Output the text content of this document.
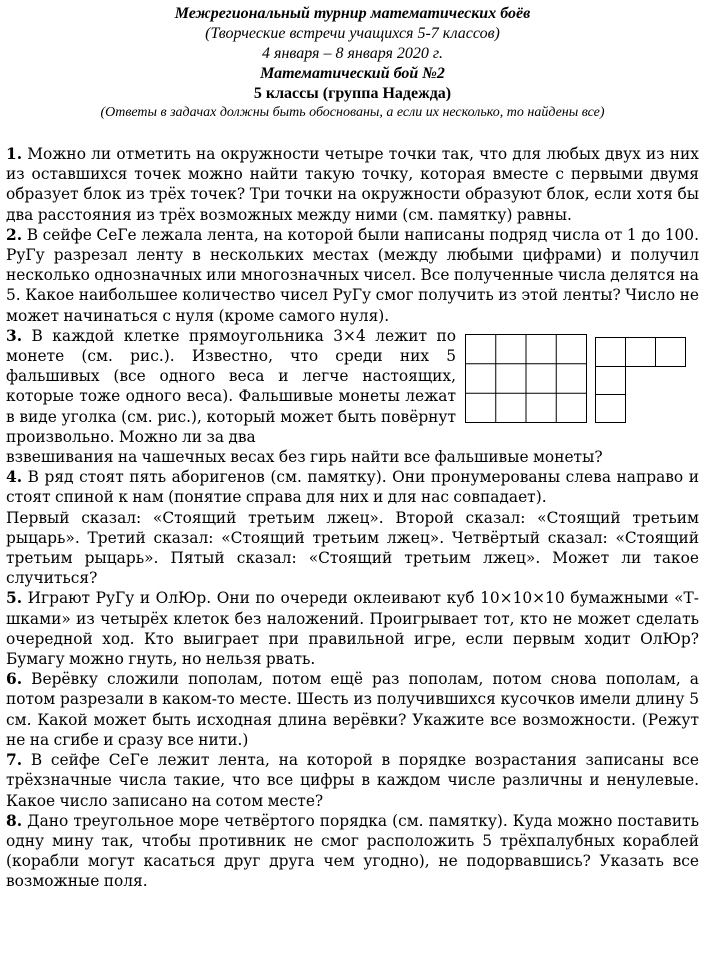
Межрегиональный турнир математических боёв

(Творческие встречи учащихся 5-7 классов)

4 января – 8 января 2020 г.

Математический бой №2

5 классы (группа Надежда)

(Ответы в задачах должны быть обоснованы, а если их несколько, то найдены все)

1. Можно ли отметить на окружности четыре точки так, что для любых двух из них из оставшихся точек можно найти такую точку, которая вместе с первыми двумя образует блок из трёх точек? Три точки на окружности образуют блок, если хотя бы два расстояния из трёх возможных между ними (см. памятку) равны.

2. В сейфе СеГе лежала лента, на которой были написаны подряд числа от 1 до 100. РуГу разрезал ленту в нескольких местах (между любыми цифрами) и получил несколько однозначных или многозначных чисел. Все полученные числа делятся на 5. Какое наибольшее количество чисел РуГу смог получить из этой ленты? Число не может начинаться с нуля (кроме самого нуля).

3. В каждой клетке прямоугольника 3×4 лежит по монете (см. рис.). Известно, что среди них 5 фальшивых (все одного веса и легче настоящих, которые тоже одного веса). Фальшивые монеты лежат в виде уголка (см. рис.), который может быть повёрнут произвольно. Можно ли за два

взвешивания на чашечных весах без гирь найти все фальшивые монеты?

4. В ряд стоят пять аборигенов (см. памятку). Они пронумерованы слева направо и стоят спиной к нам (понятие справа для них и для нас совпадает).

Первый сказал: «Стоящий третьим лжец». Второй сказал: «Стоящий третьим рыцарь». Третий сказал: «Стоящий третьим лжец». Четвёртый сказал: «Стоящий третьим рыцарь». Пятый сказал: «Стоящий третьим лжец». Может ли такое случиться?

5. Играют РуГу и ОлЮр. Они по очереди оклеивают куб 10×10×10 бумажными «Т-шками» из четырёх клеток без наложений. Проигрывает тот, кто не может сделать очередной ход. Кто выиграет при правильной игре, если первым ходит ОлЮр? Бумагу можно гнуть, но нельзя рвать.

6. Верёвку сложили пополам, потом ещё раз пополам, потом снова пополам, а потом разрезали в каком-то месте. Шесть из получившихся кусочков имели длину 5 см. Какой может быть исходная длина верёвки? Укажите все возможности. (Режут не на сгибе и сразу все нити.)

7. В сейфе СеГе лежит лента, на которой в порядке возрастания записаны все трёхзначные числа такие, что все цифры в каждом числе различны и ненулевые. Какое число записано на сотом месте?

8. Дано треугольное море четвёртого порядка (см. памятку). Куда можно поставить одну мину так, чтобы противник не смог расположить 5 трёхпалубных кораблей (корабли могут касаться друг друга чем угодно), не подорвавшись? Указать все возможные поля.
